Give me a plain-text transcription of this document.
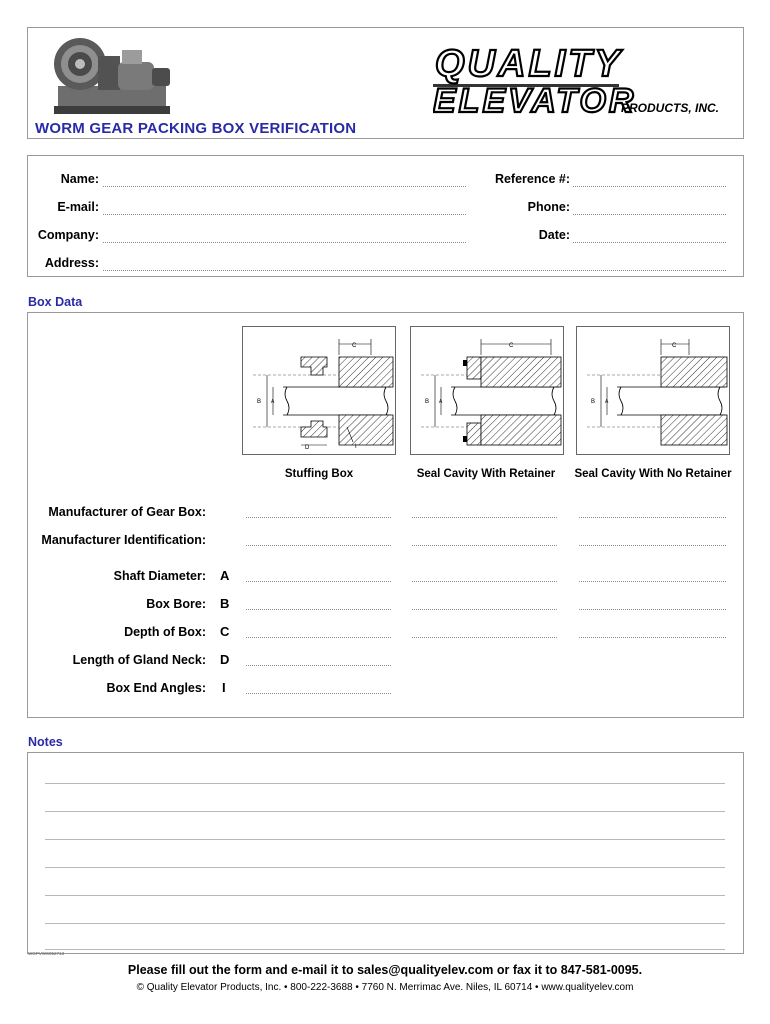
QUALITY
ELEVATOR
PRODUCTS, INC.
WORM GEAR PACKING BOX VERIFICATION
Name:
E-mail:
Company:
Address:
Reference #:
Phone:
Date:
Box Data
C
B A
D	I
C
B A
C
B A
Stuffing Box	Seal Cavity With Retainer	Seal Cavity With No Retainer
Manufacturer of Gear Box:
Manufacturer Identification:
Shaft Diameter: A
Box Bore: B
Depth of Box: C
Length of Gland Neck: D
Box End Angles: I
Notes
WGPVWS052713
Please fill out the form and e-mail it to sales@qualityelev.com or fax it to 847-581-0095.
© Quality Elevator Products, Inc. • 800-222-3688 • 7760 N. Merrimac Ave. Niles, IL 60714 • www.qualityelev.com
